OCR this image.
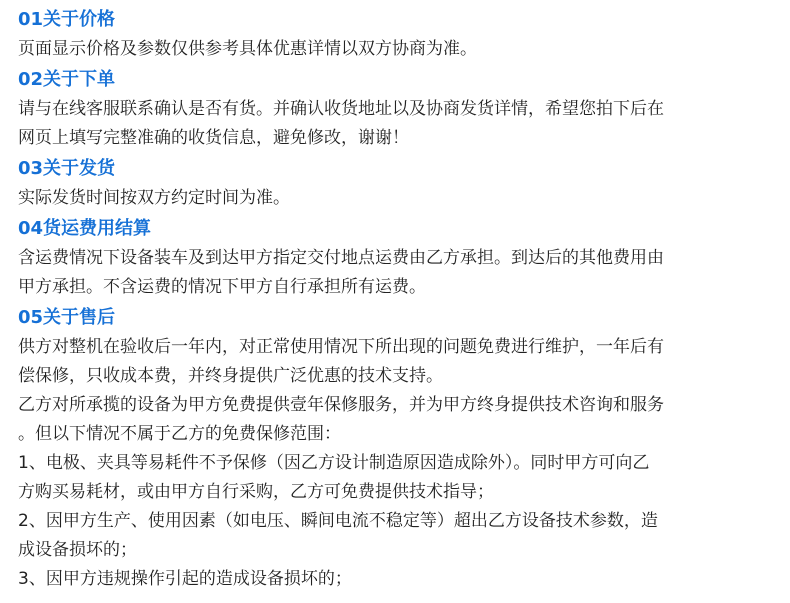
01关于价格
页面显示价格及参数仅供参考具体优惠详情以双方协商为准。
02关于下单
请与在线客服联系确认是否有货。并确认收货地址以及协商发货详情，希望您拍下后在
网页上填写完整准确的收货信息，避免修改，谢谢！
03关于发货
实际发货时间按双方约定时间为准。
04货运费用结算
含运费情况下设备装车及到达甲方指定交付地点运费由乙方承担。到达后的其他费用由
甲方承担。不含运费的情况下甲方自行承担所有运费。
05关于售后
供方对整机在验收后一年内，对正常使用情况下所出现的问题免费进行维护，一年后有
偿保修，只收成本费，并终身提供广泛优惠的技术支持。
乙方对所承揽的设备为甲方免费提供壹年保修服务，并为甲方终身提供技术咨询和服务
。但以下情况不属于乙方的免费保修范围：
1、电极、夹具等易耗件不予保修（因乙方设计制造原因造成除外）。同时甲方可向乙
方购买易耗材，或由甲方自行采购，乙方可免费提供技术指导；
2、因甲方生产、使用因素（如电压、瞬间电流不稳定等）超出乙方设备技术参数，造
成设备损坏的；
3、因甲方违规操作引起的造成设备损坏的；
